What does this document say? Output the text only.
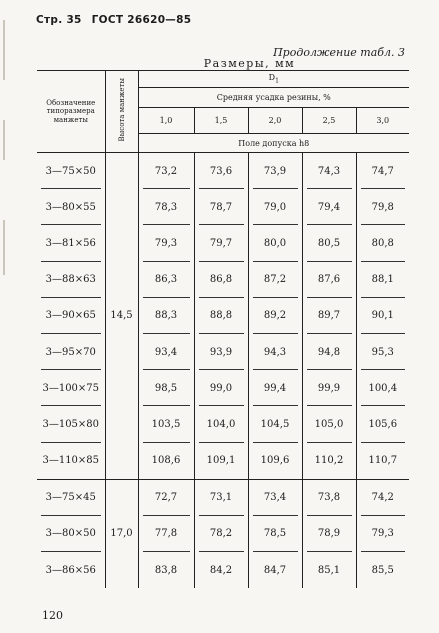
Стр. 35 ГОСТ 26620—85
Продолжение табл. 3
Размеры, мм
Обозначение типоразмера манжеты	Высота манжеты	$D_1$
		Средняя усадка резины, %				
		1,0	1,5	2,0	2,5	3,0
		Поле допуска h8				
3—75×50	14,5	73,2	73,6	73,9	74,3	74,7
3—80×55		78,3	78,7	79,0	79,4	79,8
3—81×56		79,3	79,7	80,0	80,5	80,8
3—88×63		86,3	86,8	87,2	87,6	88,1
3—90×65		88,3	88,8	89,2	89,7	90,1
3—95×70		93,4	93,9	94,3	94,8	95,3
3—100×75		98,5	99,0	99,4	99,9	100,4
3—105×80		103,5	104,0	104,5	105,0	105,6
3—110×85		108,6	109,1	109,6	110,2	110,7
3—75×45	17,0	72,7	73,1	73,4	73,8	74,2
3—80×50		77,8	78,2	78,5	78,9	79,3
3—86×56		83,8	84,2	84,7	85,1	85,5
120
